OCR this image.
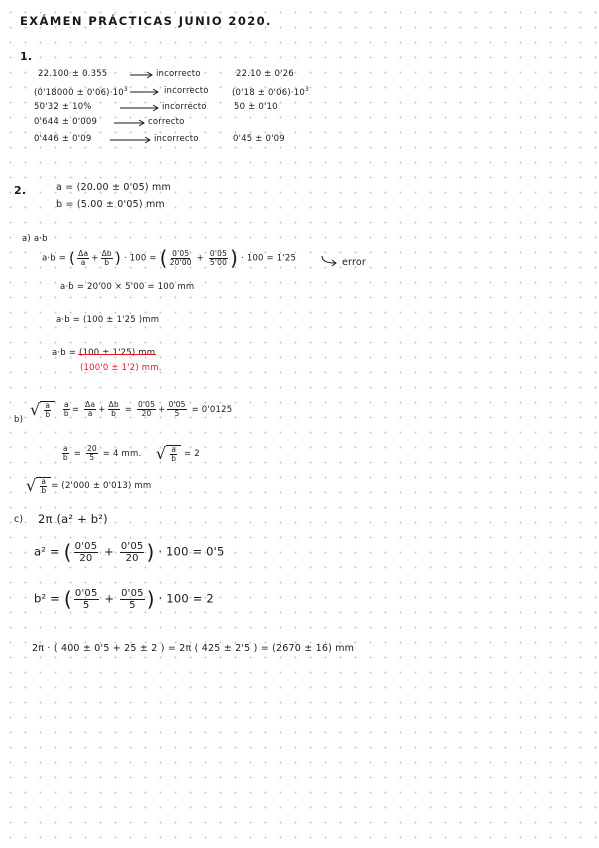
EXÁMEN PRÁCTICAS JUNIO 2020.
1.
22.100 ± 0.355	incorrecto	22.10 ± 0'26
$(0'18000 \pm 0'06)\cdot 10^3$	incorrecto	$(0'18 \pm 0'06)\cdot 10^3$
50'32 ± 10%	incorrecto	50 ± 0'10
0'644 ± 0'009	correcto
0'446 ± 0'09	incorrecto	0'45 ± 0'09
2.	a = (20.00 ± 0'05) mm
b = (5.00 ± 0'05) mm
a) a·b
a·b = ( $\frac{\Delta a}{a} + \frac{\Delta b}{b}$ ) · 100 = ( $\frac{0'05}{20'00} + \frac{0'05}{5'00}$ ) · 100 = 1'25	error
a·b = 20'00 × 5'00 = 100 mm
a·b = (100 ± 1'25 )mm
a·b = (100 ± 1'25) mm
(100'0 ± 1'2) mm.
b)
√ $\frac{a}{b}$
$\frac{a}{b} = \frac{\Delta a}{a} + \frac{\Delta b}{b} = \frac{0'05}{20} + \frac{0'05}{5} = 0'0125$
$\frac{a}{b} = \frac{20}{5} = 4$ mm. √ $\frac{a}{b} = 2$
√ $\frac{a}{b} = (2'000 \pm 0'013)$ mm
c) 2π (a² + b²)
a² = ( $\frac{0'05}{20} + \frac{0'05}{20}$ ) · 100 = 0'5
b² = ( $\frac{0'05}{5} + \frac{0'05}{5}$ ) · 100 = 2
2π · ( 400 ± 0'5 + 25 ± 2 ) = 2π ( 425 ± 2'5 ) = (2670 ± 16) mm
